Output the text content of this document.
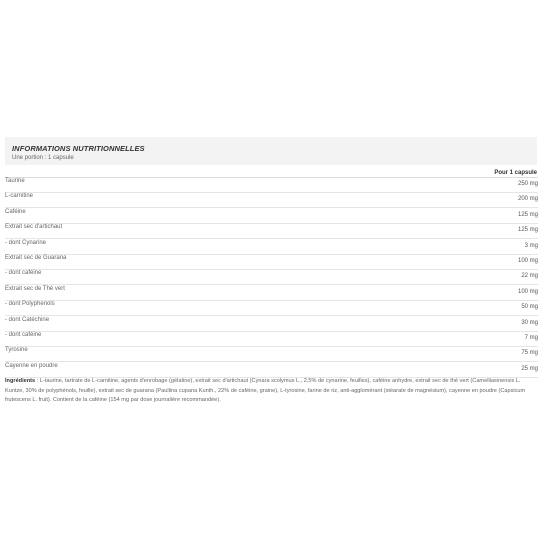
INFORMATIONS NUTRITIONNELLES
Une portion : 1 capsule
Pour 1 capsule
Taurine	250 mg
L-carnitine	200 mg
Caféine	125 mg
Extrait sec d'artichaut	125 mg
- dont Cynarine	3 mg
Extrait sec de Guarana	100 mg
- dont caféine	22 mg
Extrait sec de Thé vert	100 mg
- dont Polyphenols	50 mg
- dont Catéchine	30 mg
- dont caféine	7 mg
Tyrosine	75 mg
Cayenne en poudre	25 mg
Ingrédients : L-taurine, tartrate de L-carnitine, agents d'enrobage (gélatine), extrait sec d'artichaut (Cynara scolymus L., 2,5% de cynarine, feuilles), caféine anhydre, extrait sec de thé vert (Camelliasinensis L. Kuntze, 30% de polyphénols, feuille), extrait sec de guarana (Paullina cupana Kunth., 22% de caféine, graine), L-tyrosine, farine de riz, anti-agglomérant (stéarate de magnésium), cayenne en poudre (Capsicum frutescens L. fruit). Contient de la caféine (154 mg par dose journalière recommandée).
